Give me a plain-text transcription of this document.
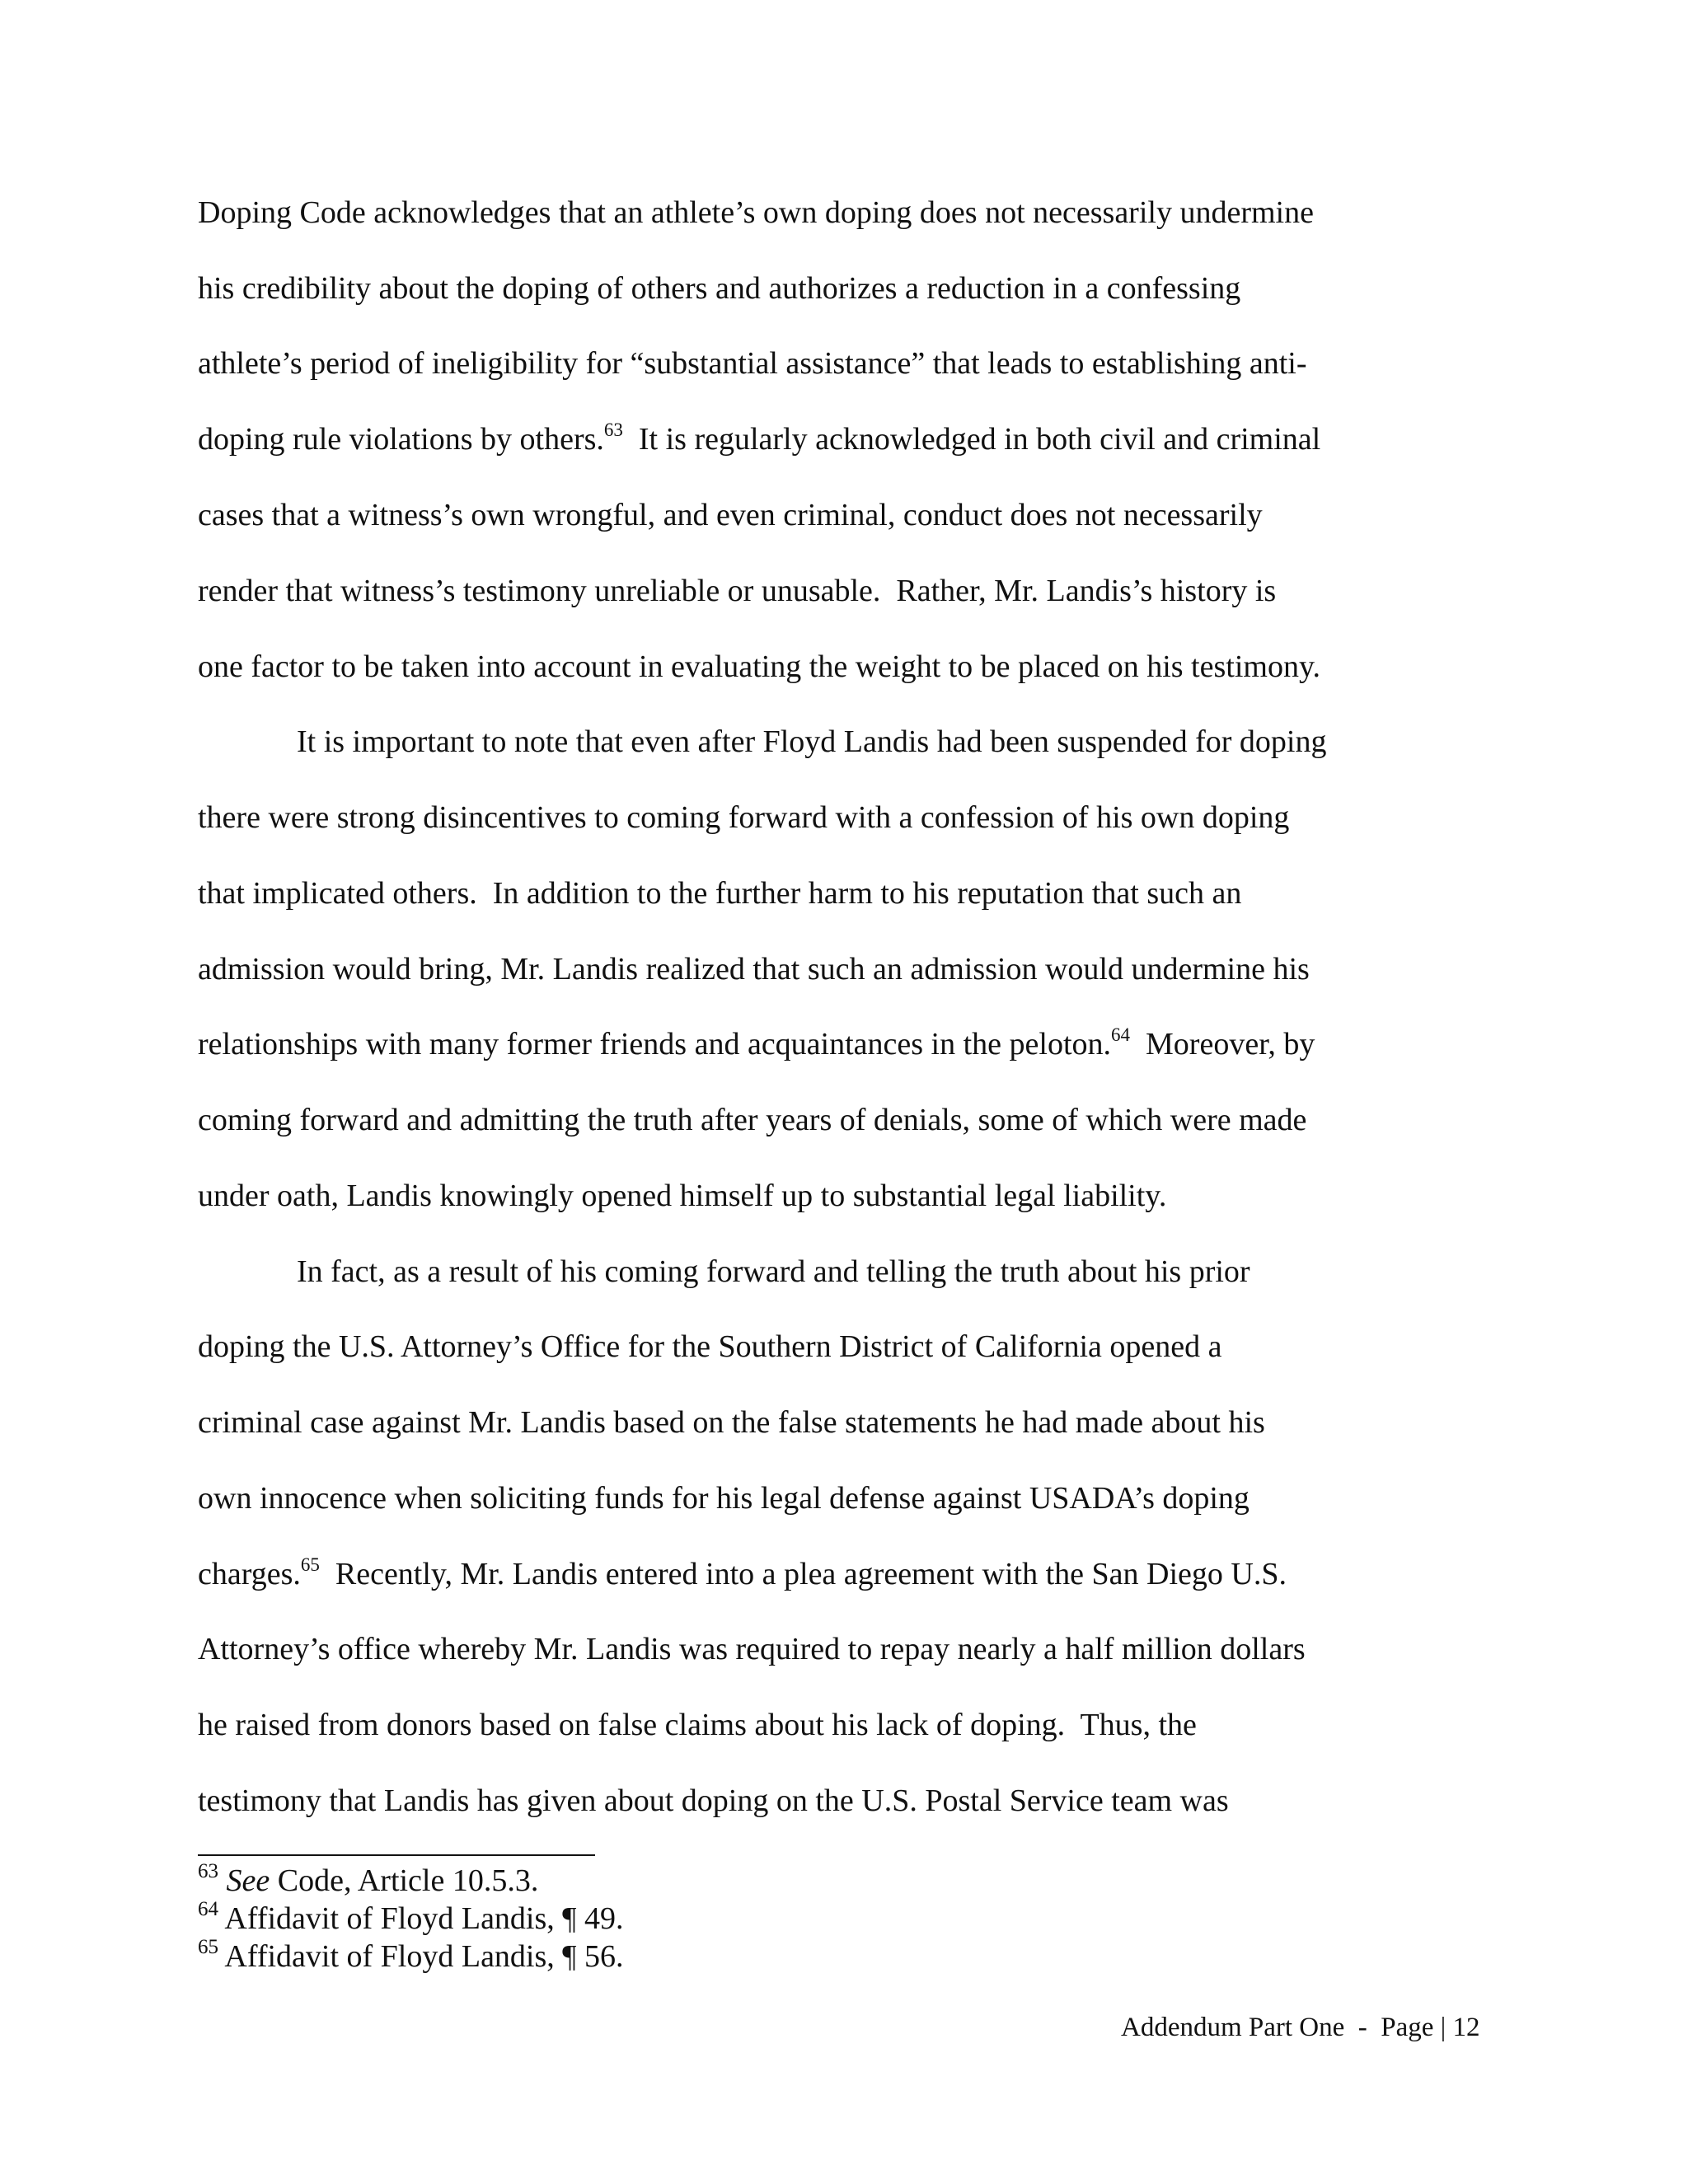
Doping Code acknowledges that an athlete’s own doping does not necessarily undermine
his credibility about the doping of others and authorizes a reduction in a confessing
athlete’s period of ineligibility for “substantial assistance” that leads to establishing anti-
doping rule violations by others.$^{63}$  It is regularly acknowledged in both civil and criminal
cases that a witness’s own wrongful, and even criminal, conduct does not necessarily
render that witness’s testimony unreliable or unusable.  Rather, Mr. Landis’s history is
one factor to be taken into account in evaluating the weight to be placed on his testimony.
It is important to note that even after Floyd Landis had been suspended for doping
there were strong disincentives to coming forward with a confession of his own doping
that implicated others.  In addition to the further harm to his reputation that such an
admission would bring, Mr. Landis realized that such an admission would undermine his
relationships with many former friends and acquaintances in the peloton.$^{64}$  Moreover, by
coming forward and admitting the truth after years of denials, some of which were made
under oath, Landis knowingly opened himself up to substantial legal liability.
In fact, as a result of his coming forward and telling the truth about his prior
doping the U.S. Attorney’s Office for the Southern District of California opened a
criminal case against Mr. Landis based on the false statements he had made about his
own innocence when soliciting funds for his legal defense against USADA’s doping
charges.$^{65}$  Recently, Mr. Landis entered into a plea agreement with the San Diego U.S.
Attorney’s office whereby Mr. Landis was required to repay nearly a half million dollars
he raised from donors based on false claims about his lack of doping.  Thus, the
testimony that Landis has given about doping on the U.S. Postal Service team was
$^{63}$ See Code, Article 10.5.3.
$^{64}$ Affidavit of Floyd Landis, ¶ 49.
$^{65}$ Affidavit of Floyd Landis, ¶ 56.
Addendum Part One  -  Page | 12
